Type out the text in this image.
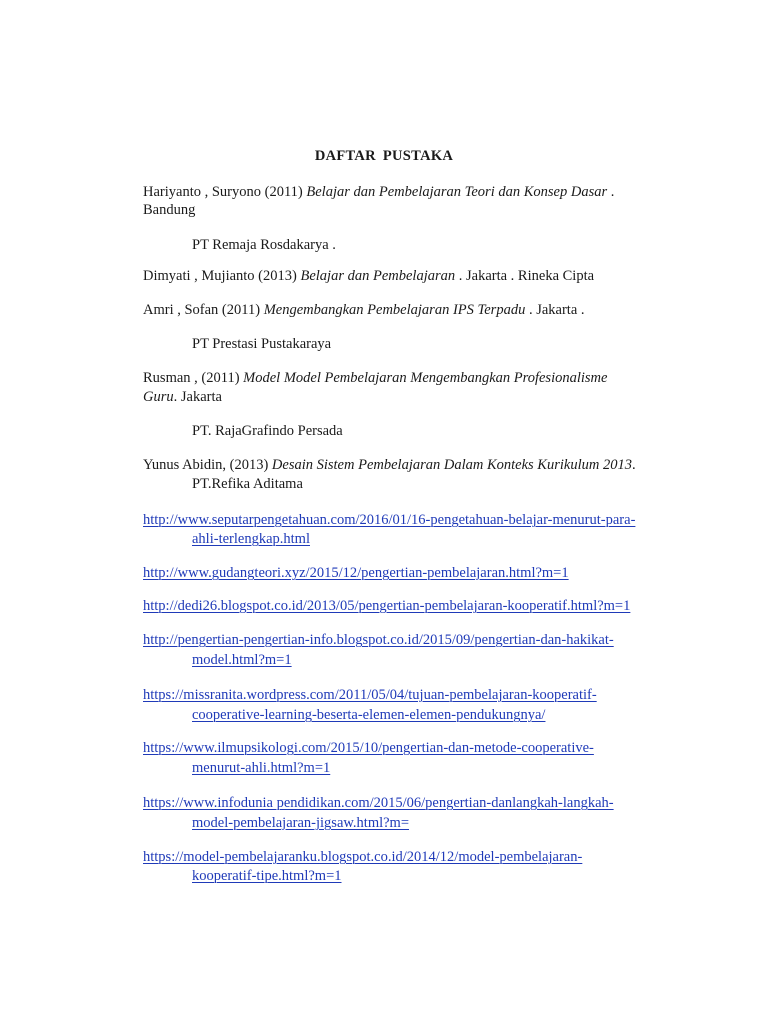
DAFTAR PUSTAKA
Hariyanto , Suryono (2011) Belajar dan Pembelajaran Teori dan Konsep Dasar .
Bandung
PT Remaja Rosdakarya .
Dimyati , Mujianto (2013) Belajar dan Pembelajaran . Jakarta . Rineka Cipta
Amri , Sofan (2011) Mengembangkan Pembelajaran IPS Terpadu . Jakarta .
PT Prestasi Pustakaraya
Rusman , (2011) Model Model Pembelajaran Mengembangkan Profesionalisme
Guru. Jakarta
PT. RajaGrafindo Persada
Yunus Abidin, (2013) Desain Sistem Pembelajaran Dalam Konteks Kurikulum 2013.
PT.Refika Aditama
http://www.seputarpengetahuan.com/2016/01/16-pengetahuan-belajar-menurut-para-
ahli-terlengkap.html
http://www.gudangteori.xyz/2015/12/pengertian-pembelajaran.html?m=1
http://dedi26.blogspot.co.id/2013/05/pengertian-pembelajaran-kooperatif.html?m=1
http://pengertian-pengertian-info.blogspot.co.id/2015/09/pengertian-dan-hakikat-
model.html?m=1
https://missranita.wordpress.com/2011/05/04/tujuan-pembelajaran-kooperatif-
cooperative-learning-beserta-elemen-elemen-pendukungnya/
https://www.ilmupsikologi.com/2015/10/pengertian-dan-metode-cooperative-
menurut-ahli.html?m=1
https://www.infodunia pendidikan.com/2015/06/pengertian-danlangkah-langkah-
model-pembelajaran-jigsaw.html?m=
https://model-pembelajaranku.blogspot.co.id/2014/12/model-pembelajaran-
kooperatif-tipe.html?m=1
